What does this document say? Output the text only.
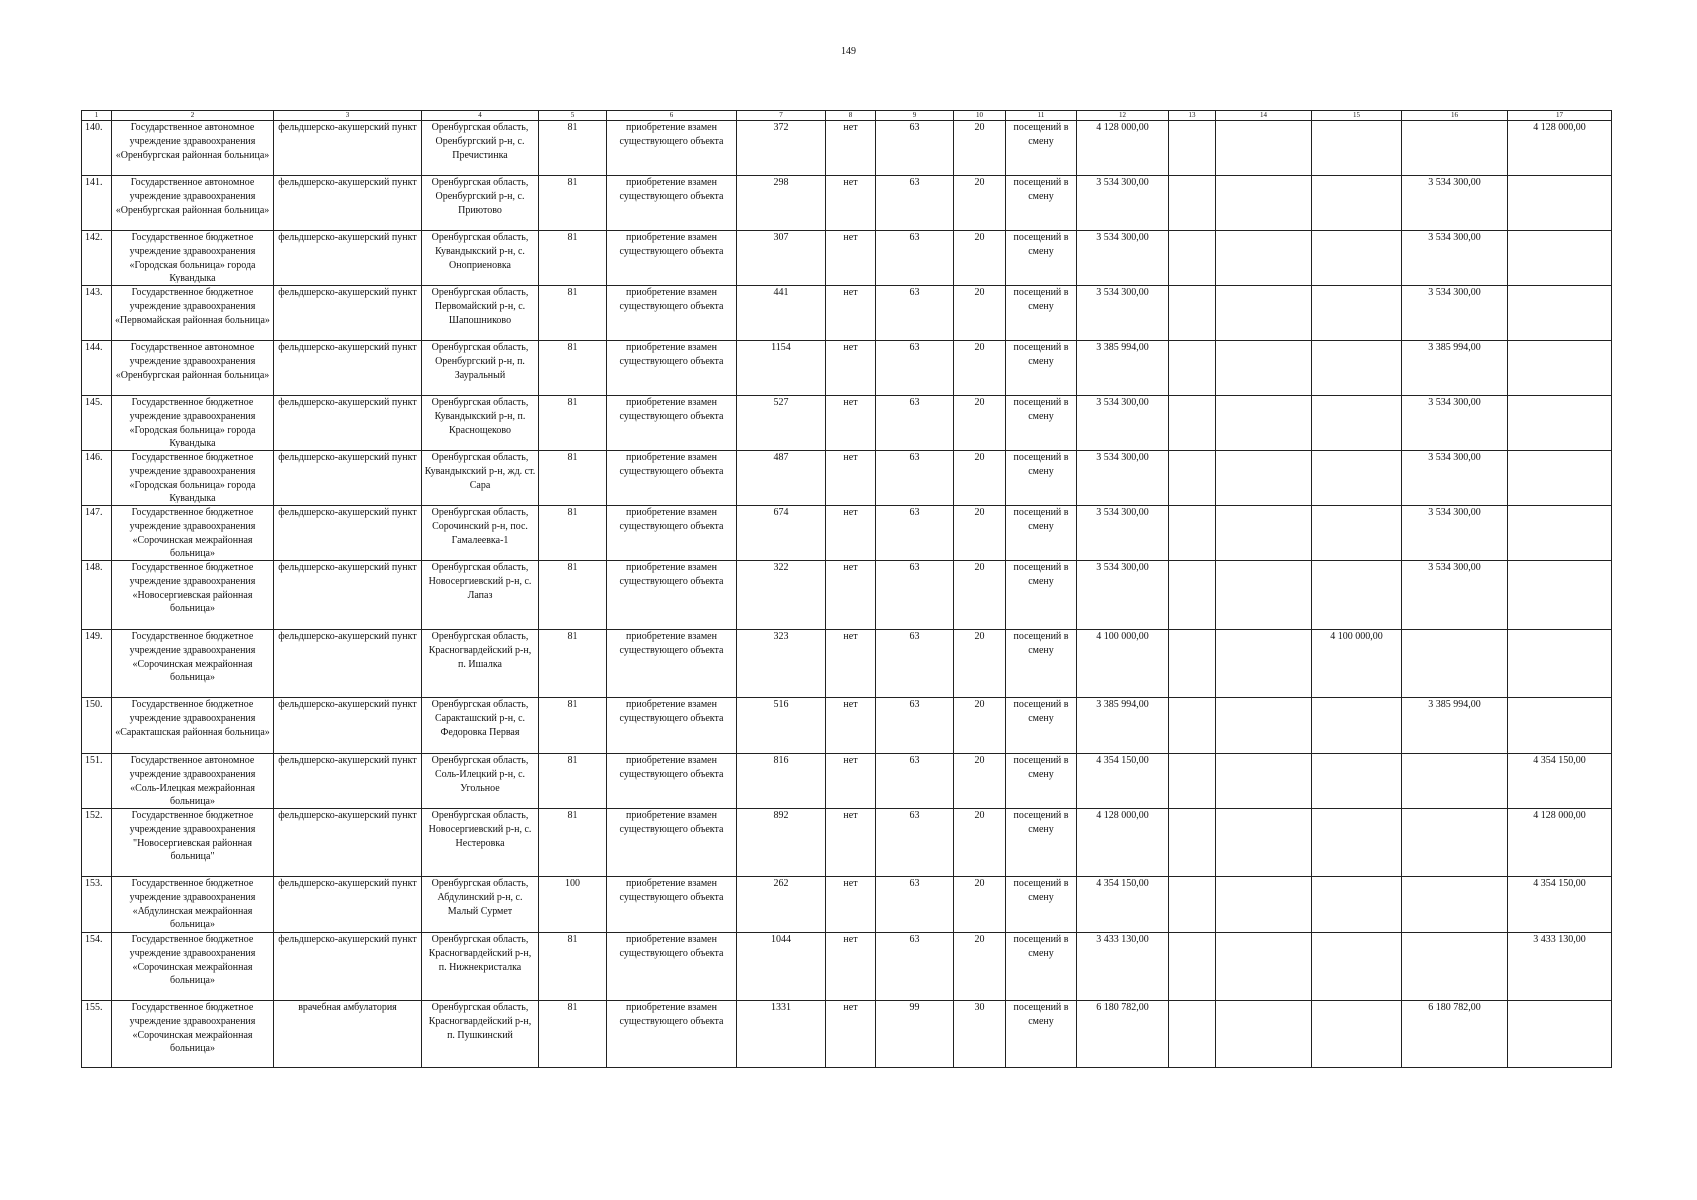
149
1	2	3	4	5	6	7	8	9	10	11	12	13	14	15	16	17

140.	Государственное автономное учреждение здравоохранения «Оренбургская районная больница»	фельдшерско-акушерский пункт	Оренбургская область, Оренбургский р-н, с. Пречистинка	81	приобретение взамен существующего объекта	372	нет	63	20	посещений в смену	4 128 000,00					4 128 000,00

141.	Государственное автономное учреждение здравоохранения «Оренбургская районная больница»	фельдшерско-акушерский пункт	Оренбургская область, Оренбургский р-н, с. Приютово	81	приобретение взамен существующего объекта	298	нет	63	20	посещений в смену	3 534 300,00				3 534 300,00	

142.	Государственное бюджетное учреждение здравоохранения «Городская больница» города Кувандыка	фельдшерско-акушерский пункт	Оренбургская область, Кувандыкский р-н, с. Оноприеновка	81	приобретение взамен существующего объекта	307	нет	63	20	посещений в смену	3 534 300,00				3 534 300,00	

143.	Государственное бюджетное учреждение здравоохранения «Первомайская районная больница»	фельдшерско-акушерский пункт	Оренбургская область, Первомайский р-н, с. Шапошниково	81	приобретение взамен существующего объекта	441	нет	63	20	посещений в смену	3 534 300,00				3 534 300,00	

144.	Государственное автономное учреждение здравоохранения «Оренбургская районная больница»	фельдшерско-акушерский пункт	Оренбургская область, Оренбургский р-н, п. Зауральный	81	приобретение взамен существующего объекта	1154	нет	63	20	посещений в смену	3 385 994,00				3 385 994,00	

145.	Государственное бюджетное учреждение здравоохранения «Городская больница» города Кувандыка	фельдшерско-акушерский пункт	Оренбургская область, Кувандыкский р-н, п. Краснощеково	81	приобретение взамен существующего объекта	527	нет	63	20	посещений в смену	3 534 300,00				3 534 300,00	

146.	Государственное бюджетное учреждение здравоохранения «Городская больница» города Кувандыка	фельдшерско-акушерский пункт	Оренбургская область, Кувандыкский р-н, жд. ст. Сара	81	приобретение взамен существующего объекта	487	нет	63	20	посещений в смену	3 534 300,00				3 534 300,00	

147.	Государственное бюджетное учреждение здравоохранения «Сорочинская межрайонная больница»	фельдшерско-акушерский пункт	Оренбургская область, Сорочинский р-н, пос. Гамалеевка-1	81	приобретение взамен существующего объекта	674	нет	63	20	посещений в смену	3 534 300,00				3 534 300,00	

148.	Государственное бюджетное учреждение здравоохранения «Новосергиевская районная больница»	фельдшерско-акушерский пункт	Оренбургская область, Новосергиевский р-н, с. Лапаз	81	приобретение взамен существующего объекта	322	нет	63	20	посещений в смену	3 534 300,00				3 534 300,00	

149.	Государственное бюджетное учреждение здравоохранения «Сорочинская межрайонная больница»	фельдшерско-акушерский пункт	Оренбургская область, Красногвардейский р-н, п. Ишалка	81	приобретение взамен существующего объекта	323	нет	63	20	посещений в смену	4 100 000,00			4 100 000,00		

150.	Государственное бюджетное учреждение здравоохранения «Саракташская районная больница»	фельдшерско-акушерский пункт	Оренбургская область, Саракташский р-н, с. Федоровка Первая	81	приобретение взамен существующего объекта	516	нет	63	20	посещений в смену	3 385 994,00				3 385 994,00	

151.	Государственное автономное учреждение здравоохранения «Соль-Илецкая межрайонная больница»	фельдшерско-акушерский пункт	Оренбургская область, Соль-Илецкий р-н, с. Угольное	81	приобретение взамен существующего объекта	816	нет	63	20	посещений в смену	4 354 150,00					4 354 150,00

152.	Государственное бюджетное учреждение здравоохранения "Новосергиевская районная больница"	фельдшерско-акушерский пункт	Оренбургская область, Новосергиевский р-н, с. Нестеровка	81	приобретение взамен существующего объекта	892	нет	63	20	посещений в смену	4 128 000,00					4 128 000,00

153.	Государственное бюджетное учреждение здравоохранения «Абдулинская межрайонная больница»	фельдшерско-акушерский пункт	Оренбургская область, Абдулинский р-н, с. Малый Сурмет	100	приобретение взамен существующего объекта	262	нет	63	20	посещений в смену	4 354 150,00					4 354 150,00

154.	Государственное бюджетное учреждение здравоохранения «Сорочинская межрайонная больница»	фельдшерско-акушерский пункт	Оренбургская область, Красногвардейский р-н, п. Нижнекристалка	81	приобретение взамен существующего объекта	1044	нет	63	20	посещений в смену	3 433 130,00					3 433 130,00

155.	Государственное бюджетное учреждение здравоохранения «Сорочинская межрайонная больница»	врачебная амбулатория	Оренбургская область, Красногвардейский р-н, п. Пушкинский	81	приобретение взамен существующего объекта	1331	нет	99	30	посещений в смену	6 180 782,00				6 180 782,00	
